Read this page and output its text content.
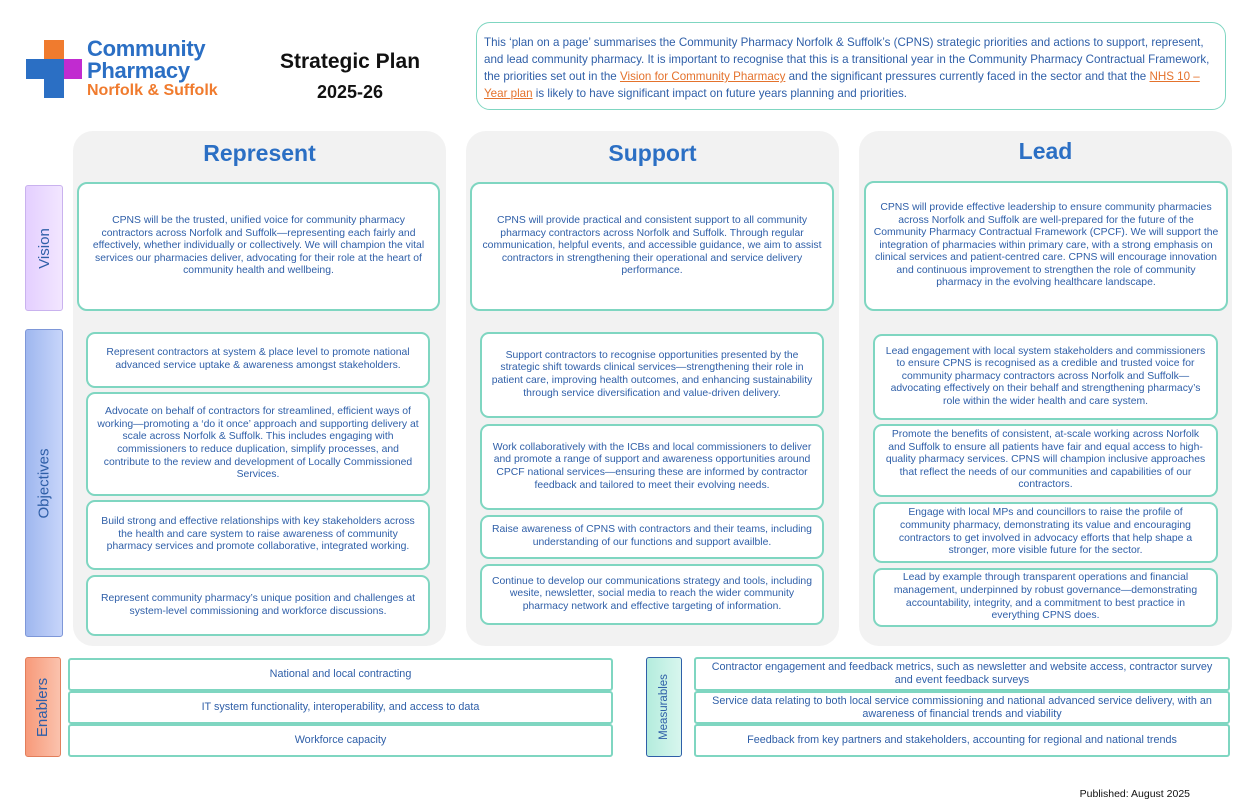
Community
Pharmacy
Norfolk & Suffolk
Strategic Plan
2025-26
This ‘plan on a page’ summarises the Community Pharmacy Norfolk & Suffolk’s (CPNS) strategic priorities and actions to support, represent, and lead community pharmacy. It is important to recognise that this is a transitional year in the Community Pharmacy Contractual Framework, the priorities set out in the Vision for Community Pharmacy and the significant pressures currently faced in the sector and that the NHS 10 – Year plan is likely to have significant impact on future years planning and priorities.
Vision
Objectives
Represent
CPNS will be the trusted, unified voice for community pharmacy contractors across Norfolk and Suffolk—representing each fairly and effectively, whether individually or collectively. We will champion the vital services our pharmacies deliver, advocating for their role at the heart of community health and wellbeing.
Represent contractors at system & place level to promote national advanced service uptake & awareness amongst stakeholders.
Advocate on behalf of contractors for streamlined, efficient ways of working—promoting a ‘do it once’ approach and supporting delivery at scale across Norfolk & Suffolk. This includes engaging with commissioners to reduce duplication, simplify processes, and contribute to the review and development of Locally Commissioned Services.
Build strong and effective relationships with key stakeholders across the health and care system to raise awareness of community pharmacy services and promote collaborative, integrated working.
Represent community pharmacy’s unique position and challenges at system-level commissioning and workforce discussions.
Support
CPNS will provide practical and consistent support to all community pharmacy contractors across Norfolk and Suffolk. Through regular communication, helpful events, and accessible guidance, we aim to assist contractors in strengthening their operational and service delivery performance.
Support contractors to recognise opportunities presented by the strategic shift towards clinical services—strengthening their role in patient care, improving health outcomes, and enhancing sustainability through service diversification and value-driven delivery.
Work collaboratively with the ICBs and local commissioners to deliver and promote a range of support and awareness opportunities around CPCF national services—ensuring these are informed by contractor feedback and tailored to meet their evolving needs.
Raise awareness of CPNS with contractors and their teams, including understanding of our functions and support availble.
Continue to develop our communications strategy and tools, including wesite, newsletter, social media to reach the wider community pharmacy network and effective targeting of information.
Lead
CPNS will provide effective leadership to ensure community pharmacies across Norfolk and Suffolk are well-prepared for the future of the Community Pharmacy Contractual Framework (CPCF). We will support the integration of pharmacies within primary care, with a strong emphasis on clinical services and patient-centred care. CPNS will encourage innovation and continuous improvement to strengthen the role of community pharmacy in the evolving healthcare landscape.
Lead engagement with local system stakeholders and commissioners to ensure CPNS is recognised as a credible and trusted voice for community pharmacy contractors across Norfolk and Suffolk—advocating effectively on their behalf and strengthening pharmacy’s role within the wider health and care system.
Promote the benefits of consistent, at-scale working across Norfolk and Suffolk to ensure all patients have fair and equal access to high-quality pharmacy services. CPNS will champion inclusive approaches that reflect the needs of our communities and capabilities of our contractors.
Engage with local MPs and councillors to raise the profile of community pharmacy, demonstrating its value and encouraging contractors to get involved in advocacy efforts that help shape a stronger, more visible future for the sector.
Lead by example through transparent operations and financial management, underpinned by robust governance—demonstrating accountability, integrity, and a commitment to best practice in everything CPNS does.
Enablers
National and local contracting
IT system functionality, interoperability, and access to data
Workforce capacity
Measurables
Contractor engagement and feedback metrics, such as newsletter and website access, contractor survey and event feedback surveys
Service data relating to both local service commissioning and national advanced service delivery, with an awareness of financial trends and viability
Feedback from key partners and stakeholders, accounting for regional and national trends
Published: August 2025
